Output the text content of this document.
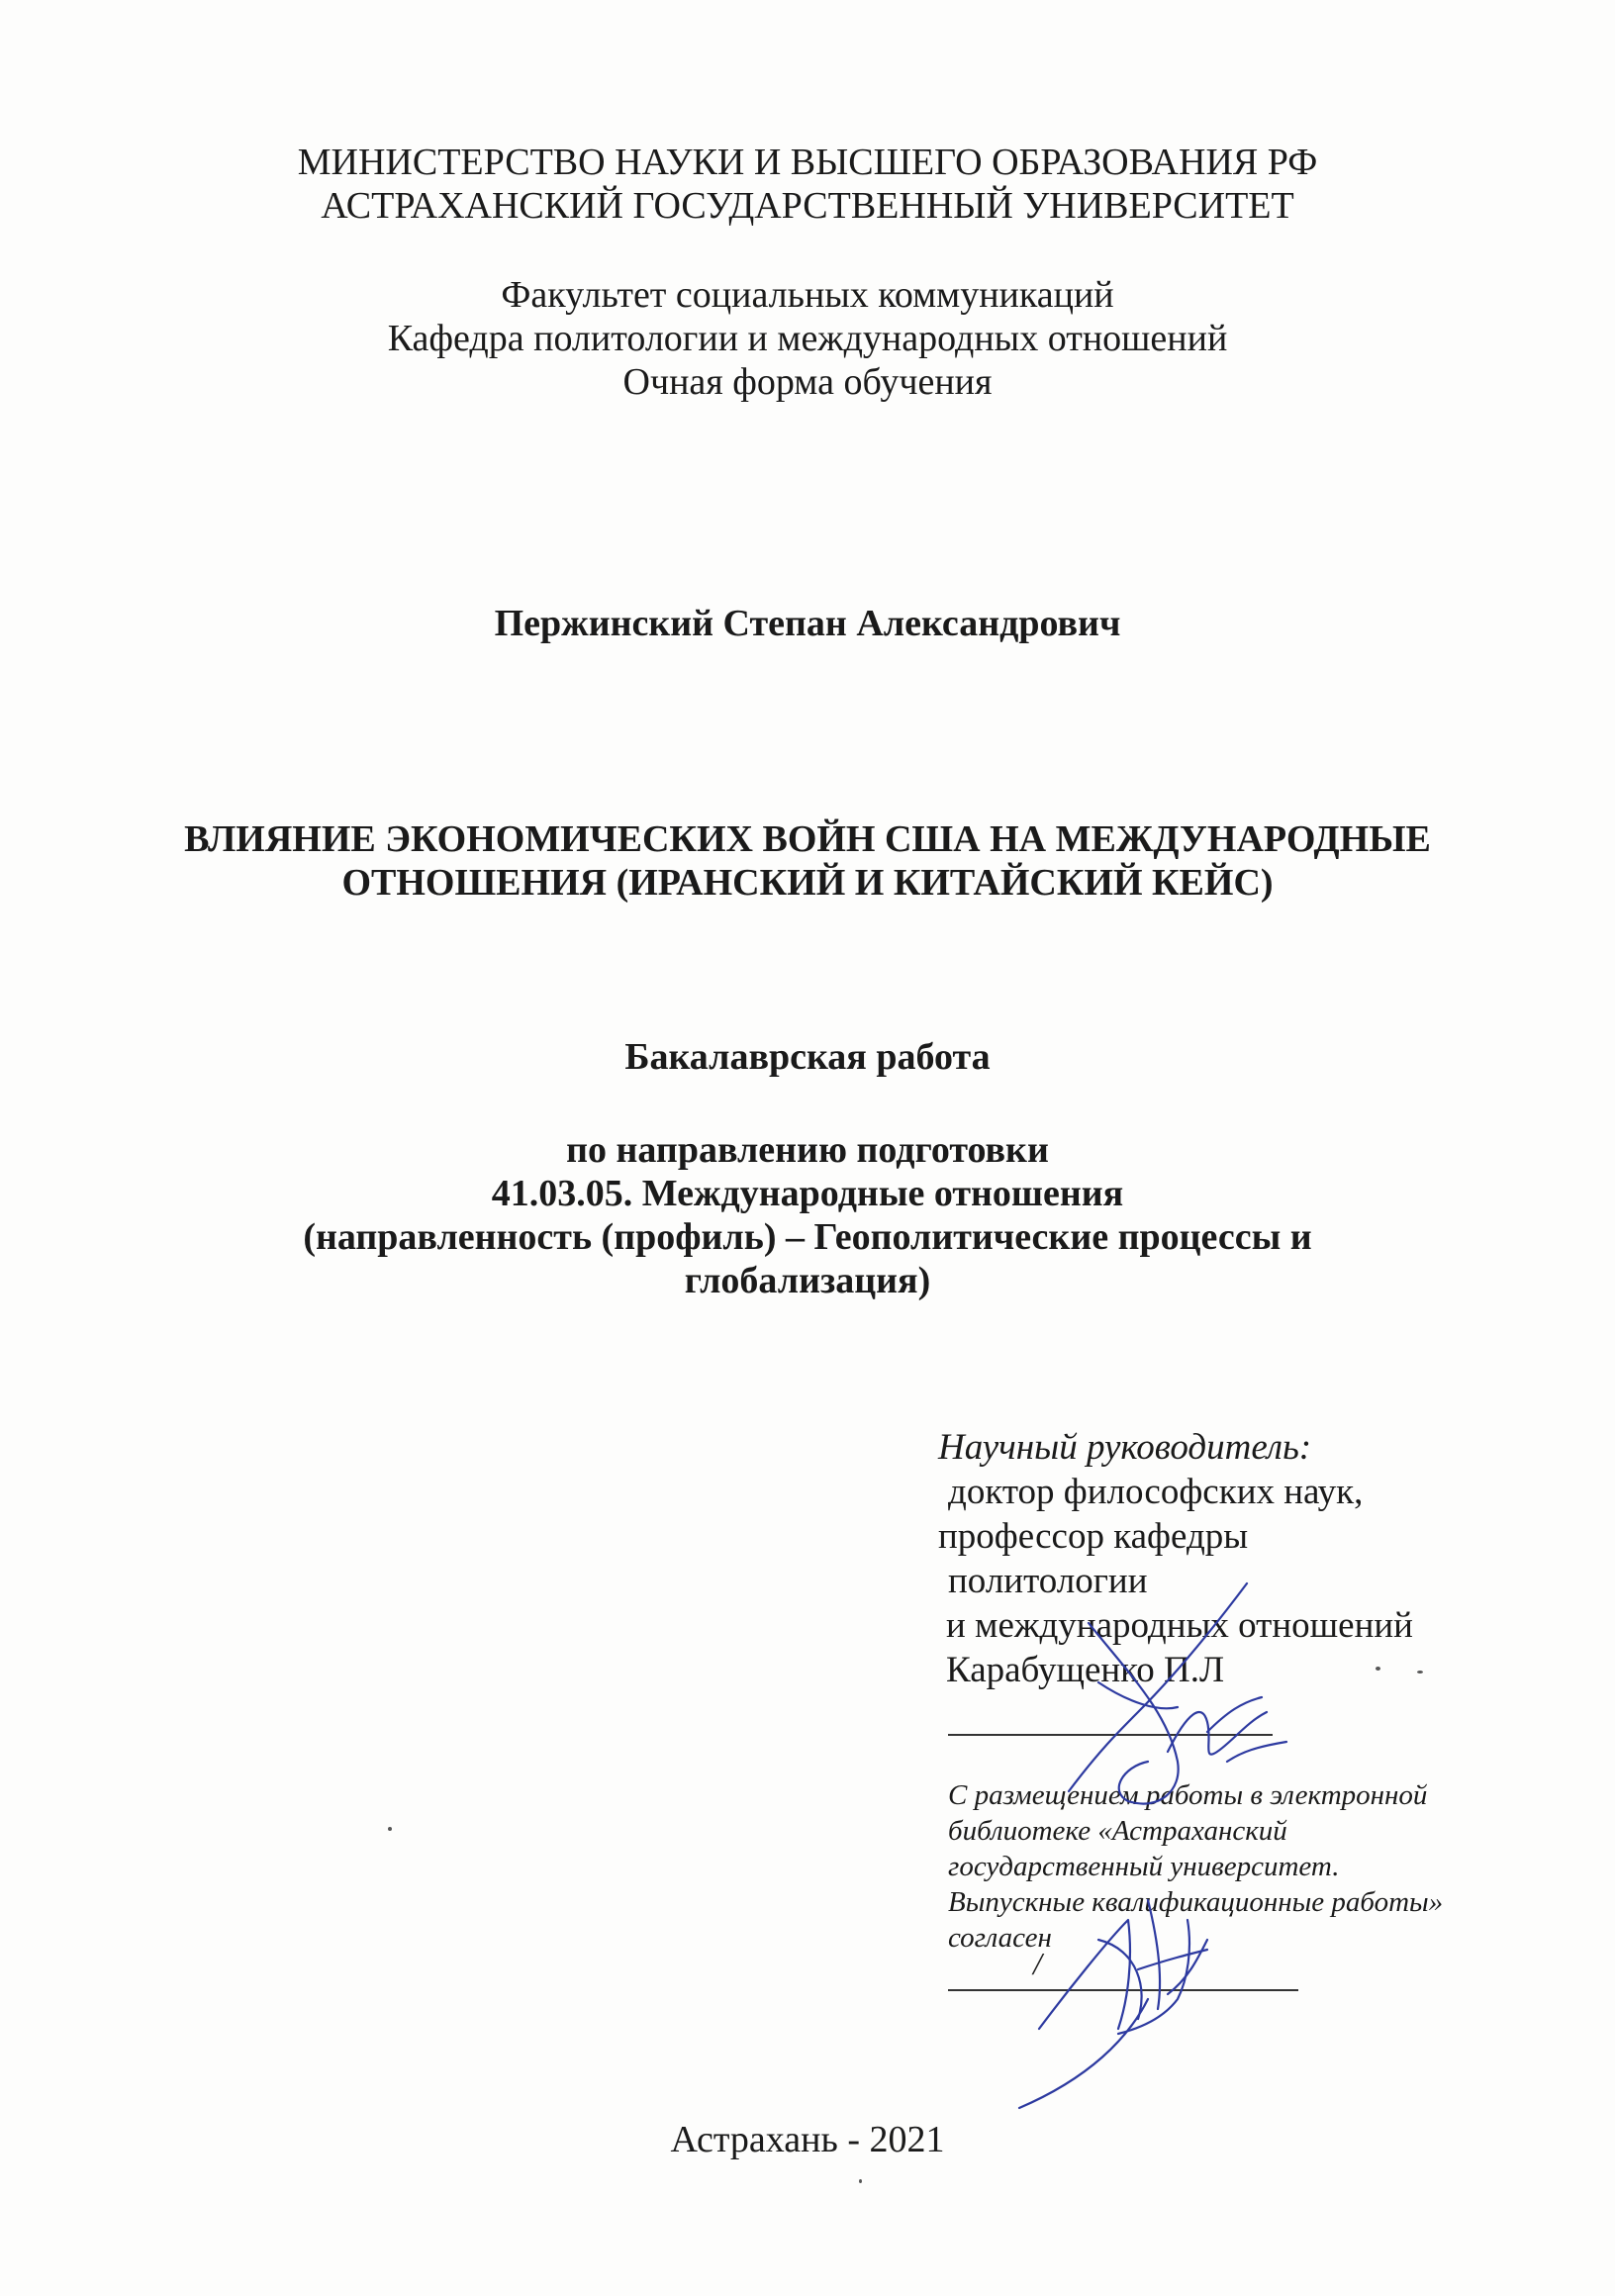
МИНИСТЕРСТВО НАУКИ И ВЫСШЕГО ОБРАЗОВАНИЯ РФ
АСТРАХАНСКИЙ ГОСУДАРСТВЕННЫЙ УНИВЕРСИТЕТ
Факультет социальных коммуникаций
Кафедра политологии и международных отношений
Очная форма обучения
Пержинский Степан Александрович
ВЛИЯНИЕ ЭКОНОМИЧЕСКИХ ВОЙН США НА МЕЖДУНАРОДНЫЕ
ОТНОШЕНИЯ (ИРАНСКИЙ И КИТАЙСКИЙ КЕЙС)
Бакалаврская работа
по направлению подготовки
41.03.05. Международные отношения
(направленность (профиль) – Геополитические процессы и
глобализация)
Научный руководитель:
доктор философских наук,
профессор кафедры
политологии
и международных отношений
Карабущенко П.Л
С размещением работы в электронной
библиотеке «Астраханский
государственный университет.
Выпускные квалификационные работы»
согласен
/
Астрахань - 2021
